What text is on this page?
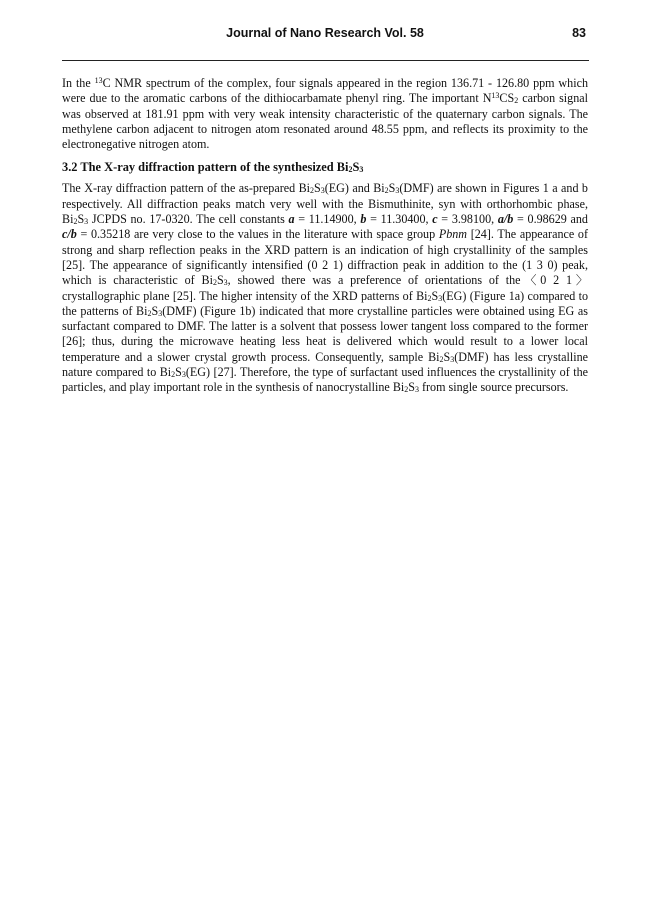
Journal of Nano Research Vol. 58	83

In the $^{13}$C NMR spectrum of the complex, four signals appeared in the region 136.71 - 126.80 ppm which were due to the aromatic carbons of the dithiocarbamate phenyl ring. The important $N^{13}CS_2$ carbon signal was observed at 181.91 ppm with very weak intensity characteristic of the quaternary carbon signals. The methylene carbon adjacent to nitrogen atom resonated around 48.55 ppm, and reflects its proximity to the electronegative nitrogen atom.

3.2 The X-ray diffraction pattern of the synthesized $Bi_2S_3$

The X-ray diffraction pattern of the as-prepared $Bi_2S_3(EG)$ and $Bi_2S_3(DMF)$ are shown in Figures 1 a and b respectively. All diffraction peaks match very well with the Bismuthinite, syn with orthorhombic phase, $Bi_2S_3$ JCPDS no. 17-0320. The cell constants a = 11.14900, b = 11.30400, c = 3.98100, a/b = 0.98629 and c/b = 0.35218 are very close to the values in the literature with space group Pbnm [24]. The appearance of strong and sharp reflection peaks in the XRD pattern is an indication of high crystallinity of the samples [25]. The appearance of significantly intensified (0 2 1) diffraction peak in addition to the (1 3 0) peak, which is characteristic of $Bi_2S_3$, showed there was a preference of orientations of the〈0 2 1〉crystallographic plane [25]. The higher intensity of the XRD patterns of $Bi_2S_3(EG)$ (Figure 1a) compared to the patterns of $Bi_2S_3(DMF)$ (Figure 1b) indicated that more crystalline particles were obtained using EG as surfactant compared to DMF. The latter is a solvent that possess lower tangent loss compared to the former [26]; thus, during the microwave heating less heat is delivered which would result to a lower local temperature and a slower crystal growth process. Consequently, sample $Bi_2S_3(DMF)$ has less crystalline nature compared to $Bi_2S_3(EG)$ [27]. Therefore, the type of surfactant used influences the crystallinity of the particles, and play important role in the synthesis of nanocrystalline $Bi_2S_3$ from single source precursors.
